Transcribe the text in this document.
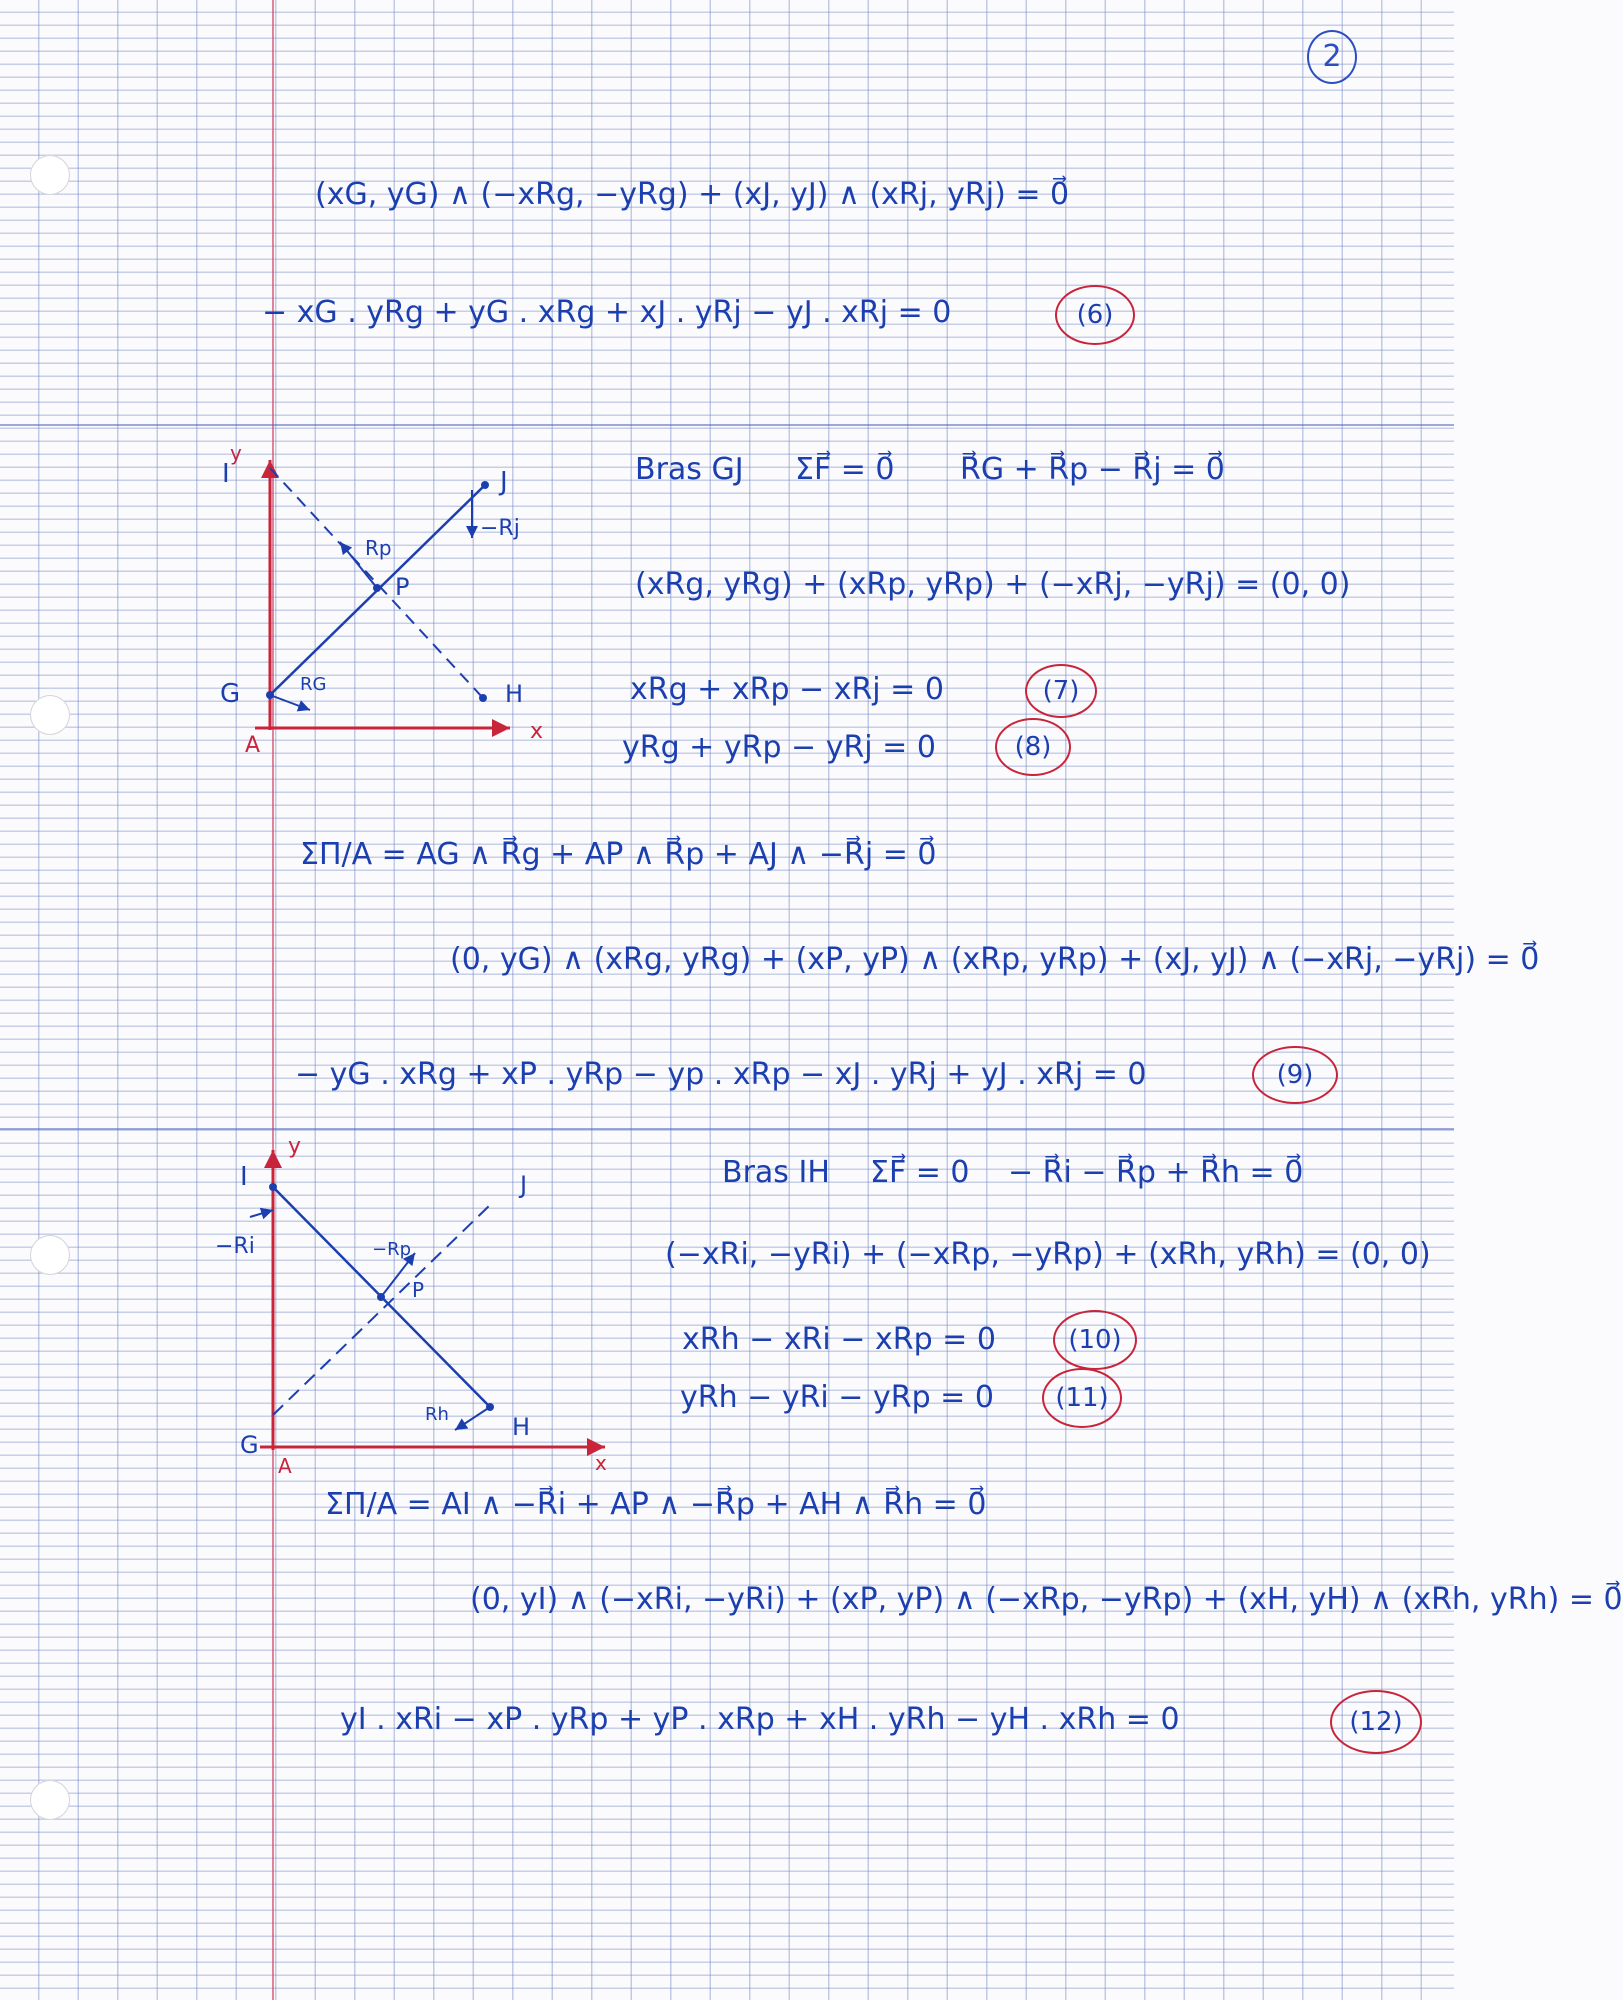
2
(xG, yG) ∧ (−xRg, −yRg) + (xJ, yJ) ∧ (xRj, yRj) = 0⃗
− xG . yRg + yG . xRg + xJ . yRj − yJ . xRj = 0	(6)
I
y
J
−Rj
Rp
P
G	RG	H
A
x
Bras GJ ΣF⃗ = 0⃗ R⃗G + R⃗p − R⃗j = 0⃗
(xRg, yRg) + (xRp, yRp) + (−xRj, −yRj) = (0, 0)
xRg + xRp − xRj = 0	(7)
yRg + yRp − yRj = 0	(8)
ΣΠ/A = AG ∧ R⃗g + AP ∧ R⃗p + AJ ∧ −R⃗j = 0⃗
(0, yG) ∧ (xRg, yRg) + (xP, yP) ∧ (xRp, yRp) + (xJ, yJ) ∧ (−xRj, −yRj) = 0⃗
− yG . xRg + xP . yRp − yp . xRp − xJ . yRj + yJ . xRj = 0	(9)
I
y
J
−Ri	−Rp
P
Rh	H
G
A	x
Bras IH ΣF⃗ = 0 − R⃗i − R⃗p + R⃗h = 0⃗
(−xRi, −yRi) + (−xRp, −yRp) + (xRh, yRh) = (0, 0)
xRh − xRi − xRp = 0	(10)
yRh − yRi − yRp = 0	(11)
ΣΠ/A = AI ∧ −R⃗i + AP ∧ −R⃗p + AH ∧ R⃗h = 0⃗
(0, yI) ∧ (−xRi, −yRi) + (xP, yP) ∧ (−xRp, −yRp) + (xH, yH) ∧ (xRh, yRh) = 0⃗
yI . xRi − xP . yRp + yP . xRp + xH . yRh − yH . xRh = 0	(12)
